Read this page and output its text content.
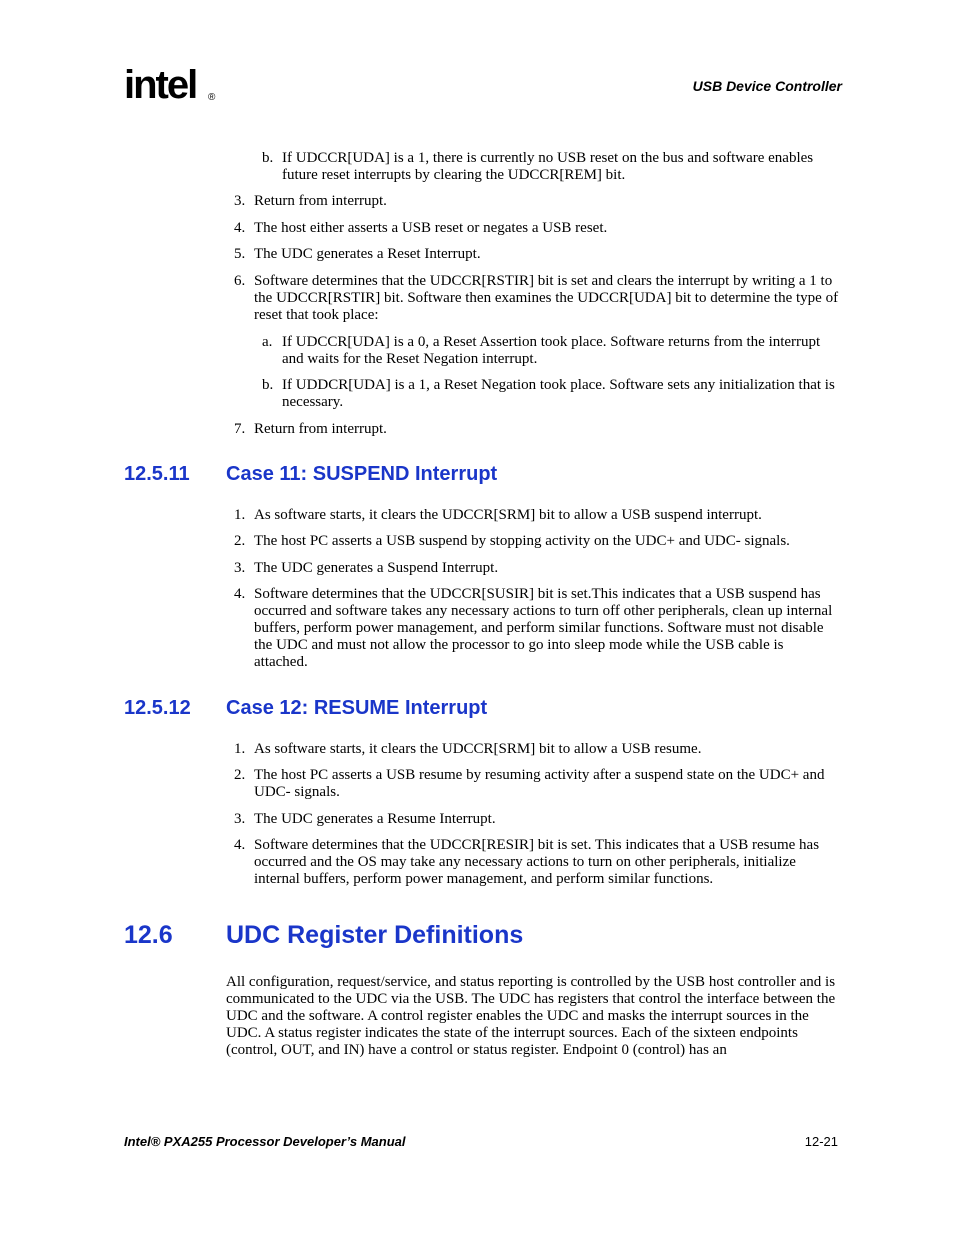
intel ®
USB Device Controller
b. If UDCCR[UDA] is a 1, there is currently no USB reset on the bus and software enables future reset interrupts by clearing the UDCCR[REM] bit.
3. Return from interrupt.
4. The host either asserts a USB reset or negates a USB reset.
5. The UDC generates a Reset Interrupt.
6. Software determines that the UDCCR[RSTIR] bit is set and clears the interrupt by writing a 1 to the UDCCR[RSTIR] bit. Software then examines the UDCCR[UDA] bit to determine the type of reset that took place:
a. If UDCCR[UDA] is a 0, a Reset Assertion took place. Software returns from the interrupt and waits for the Reset Negation interrupt.
b. If UDDCR[UDA] is a 1, a Reset Negation took place. Software sets any initialization that is necessary.
7. Return from interrupt.
12.5.11 Case 11: SUSPEND Interrupt
1. As software starts, it clears the UDCCR[SRM] bit to allow a USB suspend interrupt.
2. The host PC asserts a USB suspend by stopping activity on the UDC+ and UDC- signals.
3. The UDC generates a Suspend Interrupt.
4. Software determines that the UDCCR[SUSIR] bit is set.This indicates that a USB suspend has occurred and software takes any necessary actions to turn off other peripherals, clean up internal buffers, perform power management, and perform similar functions. Software must not disable the UDC and must not allow the processor to go into sleep mode while the USB cable is attached.
12.5.12 Case 12: RESUME Interrupt
1. As software starts, it clears the UDCCR[SRM] bit to allow a USB resume.
2. The host PC asserts a USB resume by resuming activity after a suspend state on the UDC+ and UDC- signals.
3. The UDC generates a Resume Interrupt.
4. Software determines that the UDCCR[RESIR] bit is set. This indicates that a USB resume has occurred and the OS may take any necessary actions to turn on other peripherals, initialize internal buffers, perform power management, and perform similar functions.
12.6 UDC Register Definitions
All configuration, request/service, and status reporting is controlled by the USB host controller and is communicated to the UDC via the USB. The UDC has registers that control the interface between the UDC and the software. A control register enables the UDC and masks the interrupt sources in the UDC. A status register indicates the state of the interrupt sources. Each of the sixteen endpoints (control, OUT, and IN) have a control or status register. Endpoint 0 (control) has an
Intel® PXA255 Processor Developer’s Manual	12-21
